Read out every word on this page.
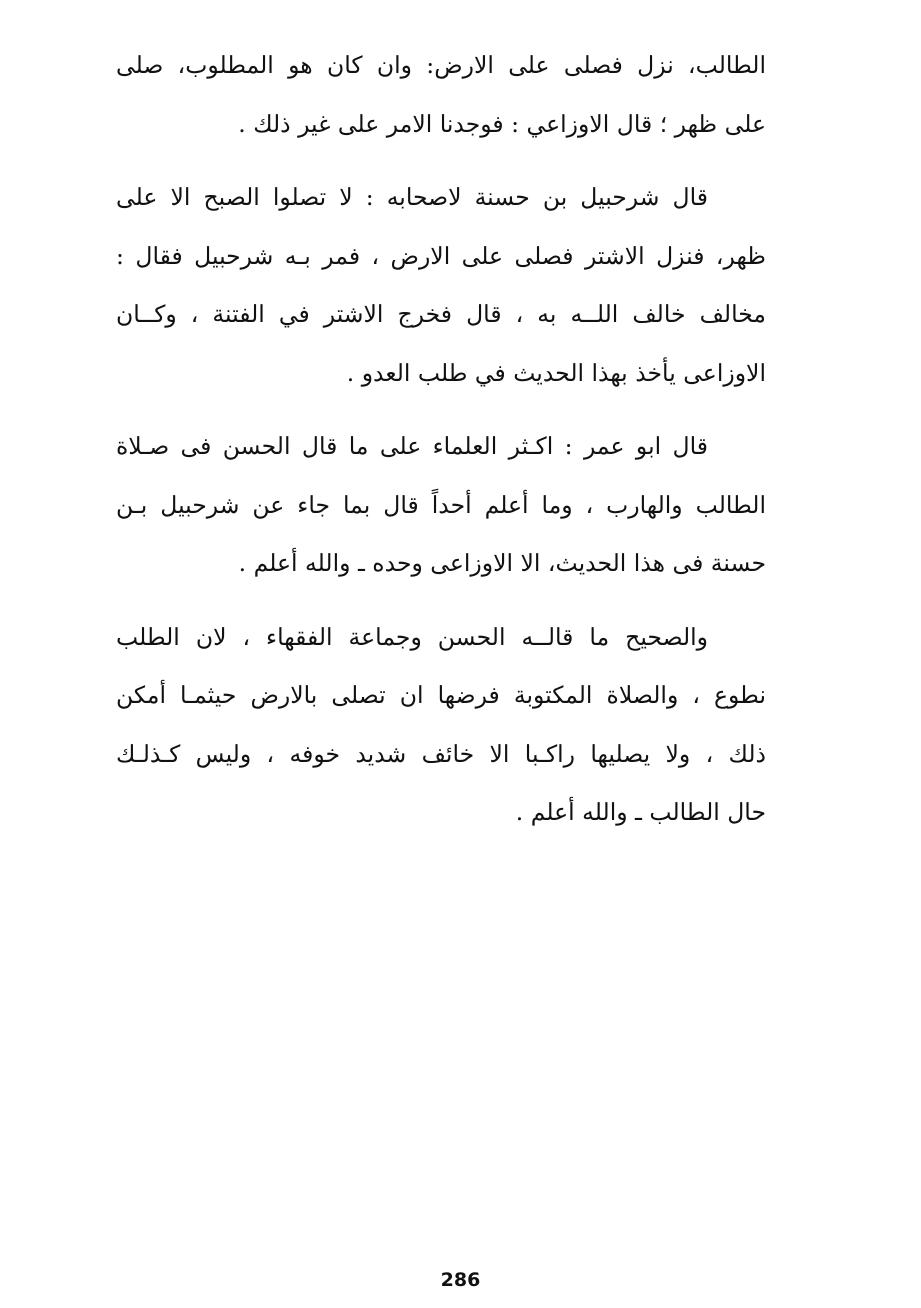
الطالب، نزل فصلى على الارض: وان كان هو المطلوب، صلى
على ظهر ؛ قال الاوزاعي : فوجدنا الامر على غير ذلك .
قال شرحبيل بن حسنة لاصحابه : لا تصلوا الصبح الا على
ظهر، فنزل الاشتر فصلى على الارض ، فمر بـه شرحبيل فقال :
مخالف خالف اللــه به ، قال فخرج الاشتر في الفتنة ، وكــان
الاوزاعى يأخذ بهذا الحديث في طلب العدو .
قال ابو عمر : اكـثر العلماء على ما قال الحسن فى صـلاة
الطالب والهارب ، وما أعلم أحداً قال بما جاء عن شرحبيل بـن
حسنة فى هذا الحديث، الا الاوزاعى وحده ـ والله أعلم .
والصحيح ما قالــه الحسن وجماعة الفقهاء ، لان الطلب
نطوع ، والصلاة المكتوبة فرضها ان تصلى بالارض حيثمـا أمكن
ذلك ، ولا يصليها راكـبا الا خائف شديد خوفه ، وليس كـذلـك
حال الطالب ـ والله أعلم .
286
